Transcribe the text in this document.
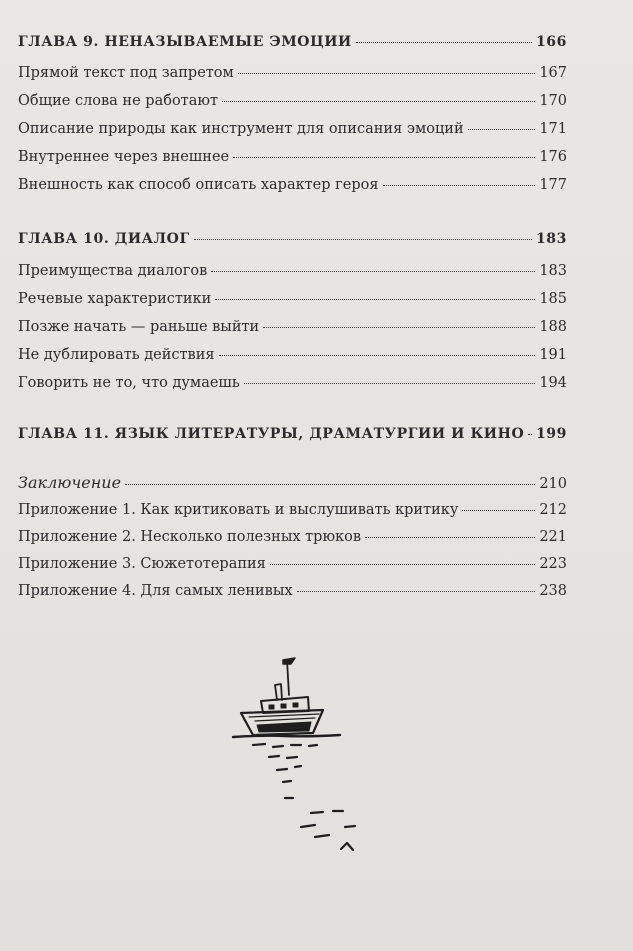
ГЛАВА 9. НЕНАЗЫВАЕМЫЕ ЭМОЦИИ	166
Прямой текст под запретом	167
Общие слова не работают	170
Описание природы как инструмент для описания эмоций	171
Внутреннее через внешнее	176
Внешность как способ описать характер героя	177
ГЛАВА 10. ДИАЛОГ	183
Преимущества диалогов	183
Речевые характеристики	185
Позже начать — раньше выйти	188
Не дублировать действия	191
Говорить не то, что думаешь	194
ГЛАВА 11. ЯЗЫК ЛИТЕРАТУРЫ, ДРАМАТУРГИИ И КИНО 199
Заключение	210
Приложение 1. Как критиковать и выслушивать критику	212
Приложение 2. Несколько полезных трюков	221
Приложение 3. Сюжетотерапия	223
Приложение 4. Для самых ленивых	238
